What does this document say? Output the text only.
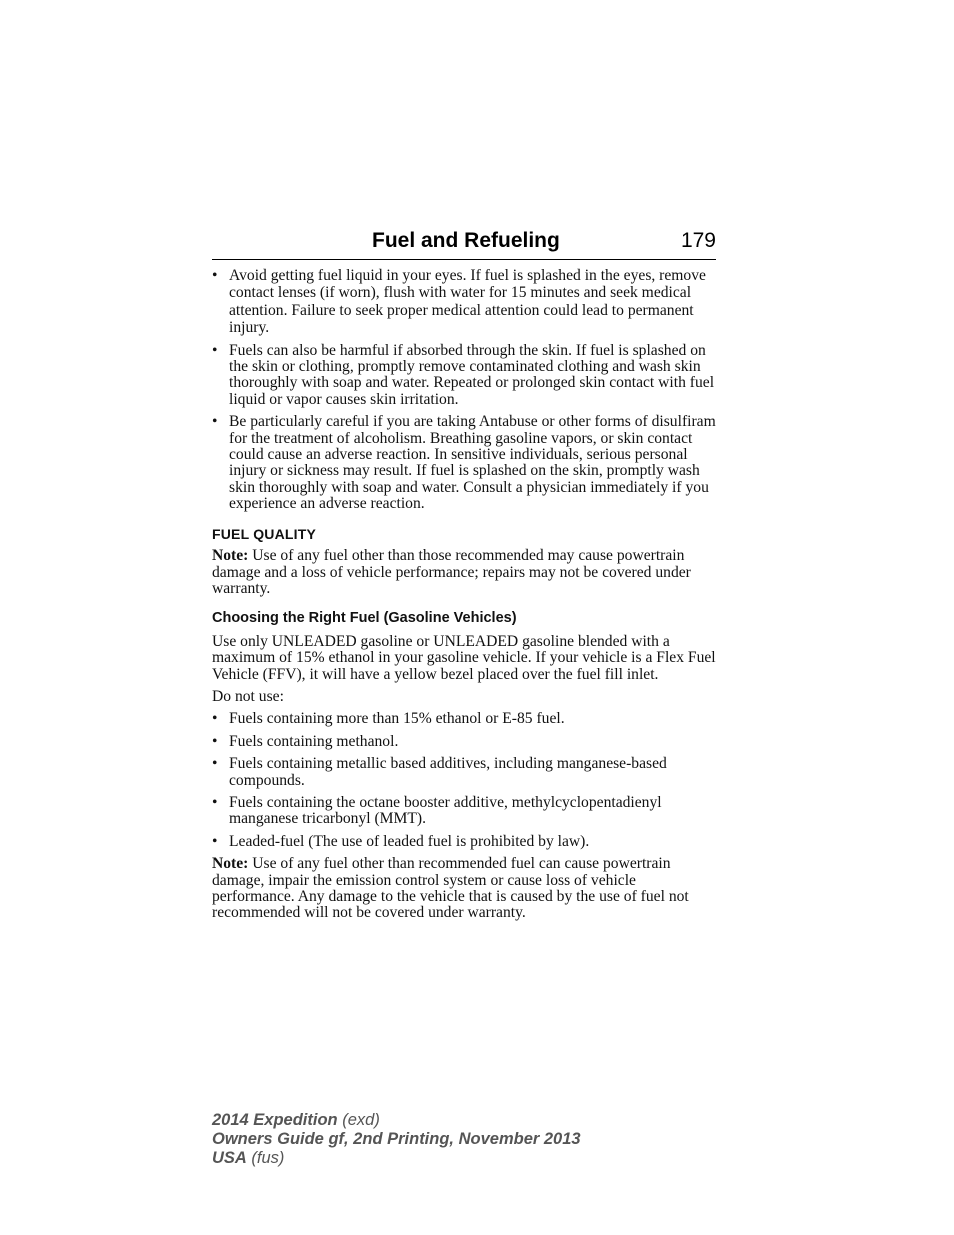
Fuel and Refueling	179
• Avoid getting fuel liquid in your eyes. If fuel is splashed in the eyes, remove contact lenses (if worn), flush with water for 15 minutes and seek medical attention. Failure to seek proper medical attention could lead to permanent injury.
• Fuels can also be harmful if absorbed through the skin. If fuel is splashed on the skin or clothing, promptly remove contaminated clothing and wash skin thoroughly with soap and water. Repeated or prolonged skin contact with fuel liquid or vapor causes skin irritation.
• Be particularly careful if you are taking Antabuse or other forms of disulfiram for the treatment of alcoholism. Breathing gasoline vapors, or skin contact could cause an adverse reaction. In sensitive individuals, serious personal injury or sickness may result. If fuel is splashed on the skin, promptly wash skin thoroughly with soap and water. Consult a physician immediately if you experience an adverse reaction.
FUEL QUALITY

Note: Use of any fuel other than those recommended may cause powertrain damage and a loss of vehicle performance; repairs may not be covered under warranty.

Choosing the Right Fuel (Gasoline Vehicles)

Use only UNLEADED gasoline or UNLEADED gasoline blended with a maximum of 15% ethanol in your gasoline vehicle. If your vehicle is a Flex Fuel Vehicle (FFV), it will have a yellow bezel placed over the fuel fill inlet.

Do not use:

• Fuels containing more than 15% ethanol or E-85 fuel.
• Fuels containing methanol.
• Fuels containing metallic based additives, including manganese-based compounds.
• Fuels containing the octane booster additive, methylcyclopentadienyl manganese tricarbonyl (MMT).
• Leaded-fuel (The use of leaded fuel is prohibited by law).

Note: Use of any fuel other than recommended fuel can cause powertrain damage, impair the emission control system or cause loss of vehicle performance. Any damage to the vehicle that is caused by the use of fuel not recommended will not be covered under warranty.

2014 Expedition (exd)
Owners Guide gf, 2nd Printing, November 2013
USA (fus)
